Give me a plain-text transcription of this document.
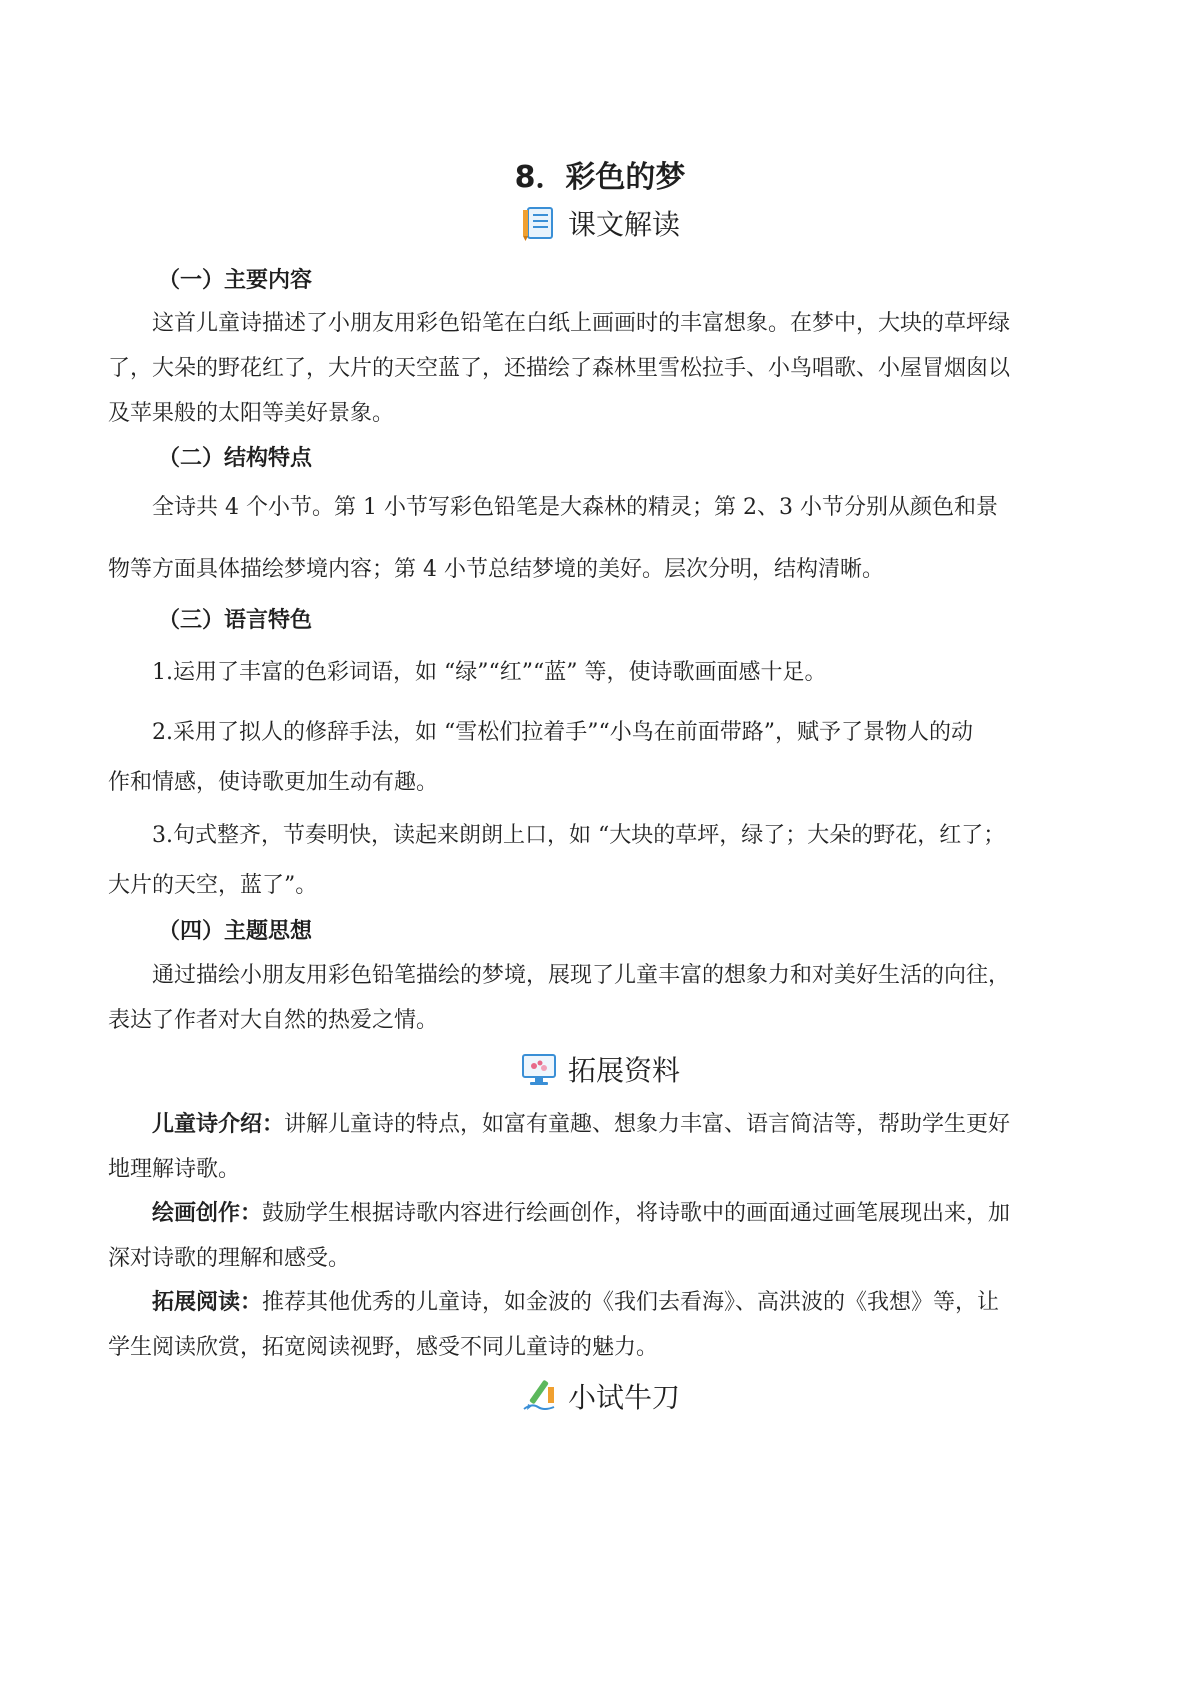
8．彩色的梦
课文解读
（一）主要内容
这首儿童诗描述了小朋友用彩色铅笔在白纸上画画时的丰富想象。在梦中，大块的草坪绿
了，大朵的野花红了，大片的天空蓝了，还描绘了森林里雪松拉手、小鸟唱歌、小屋冒烟囱以
及苹果般的太阳等美好景象。
（二）结构特点
全诗共 4 个小节。第 1 小节写彩色铅笔是大森林的精灵；第 2、3 小节分别从颜色和景
物等方面具体描绘梦境内容；第 4 小节总结梦境的美好。层次分明，结构清晰。
（三）语言特色
1.运用了丰富的色彩词语，如 “绿”“红”“蓝” 等，使诗歌画面感十足。
2.采用了拟人的修辞手法，如 “雪松们拉着手”“小鸟在前面带路”，赋予了景物人的动
作和情感，使诗歌更加生动有趣。
3.句式整齐，节奏明快，读起来朗朗上口，如 “大块的草坪，绿了；大朵的野花，红了；
大片的天空，蓝了”。
（四）主题思想
通过描绘小朋友用彩色铅笔描绘的梦境，展现了儿童丰富的想象力和对美好生活的向往，
表达了作者对大自然的热爱之情。
拓展资料
儿童诗介绍：讲解儿童诗的特点，如富有童趣、想象力丰富、语言简洁等，帮助学生更好
地理解诗歌。
绘画创作：鼓励学生根据诗歌内容进行绘画创作，将诗歌中的画面通过画笔展现出来，加
深对诗歌的理解和感受。
拓展阅读：推荐其他优秀的儿童诗，如金波的《我们去看海》、高洪波的《我想》等，让
学生阅读欣赏，拓宽阅读视野，感受不同儿童诗的魅力。
小试牛刀
